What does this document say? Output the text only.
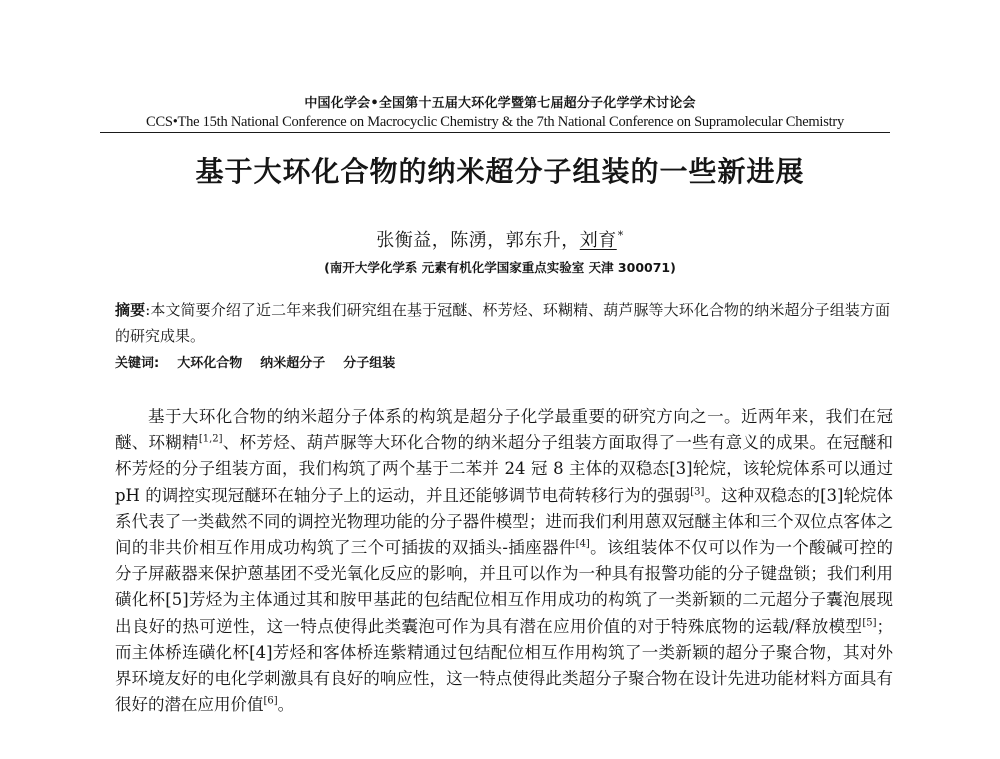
中国化学会•全国第十五届大环化学暨第七届超分子化学学术讨论会
CCS•The 15th National Conference on Macrocyclic Chemistry & the 7th National Conference on Supramolecular Chemistry
基于大环化合物的纳米超分子组装的一些新进展
张衡益，陈湧，郭东升，刘育*
(南开大学化学系 元素有机化学国家重点实验室 天津 300071)
摘要:本文简要介绍了近二年来我们研究组在基于冠醚、杯芳烃、环糊精、葫芦脲等大环化合物的纳米超分子组装方面的研究成果。
关键词: 大环化合物 纳米超分子 分子组装
基于大环化合物的纳米超分子体系的构筑是超分子化学最重要的研究方向之一。近两年来，我们在冠醚、环糊精[1,2]、杯芳烃、葫芦脲等大环化合物的纳米超分子组装方面取得了一些有意义的成果。在冠醚和杯芳烃的分子组装方面，我们构筑了两个基于二苯并 24 冠 8 主体的双稳态[3]轮烷，该轮烷体系可以通过 pH 的调控实现冠醚环在轴分子上的运动，并且还能够调节电荷转移行为的强弱[3]。这种双稳态的[3]轮烷体系代表了一类截然不同的调控光物理功能的分子器件模型；进而我们利用蒽双冠醚主体和三个双位点客体之间的非共价相互作用成功构筑了三个可插拔的双插头-插座器件[4]。该组装体不仅可以作为一个酸碱可控的分子屏蔽器来保护蒽基团不受光氧化反应的影响，并且可以作为一种具有报警功能的分子键盘锁；我们利用磺化杯[5]芳烃为主体通过其和胺甲基茈的包结配位相互作用成功的构筑了一类新颖的二元超分子囊泡展现出良好的热可逆性，这一特点使得此类囊泡可作为具有潜在应用价值的对于特殊底物的运载/释放模型[5]；而主体桥连磺化杯[4]芳烃和客体桥连紫精通过包结配位相互作用构筑了一类新颖的超分子聚合物，其对外界环境友好的电化学刺激具有良好的响应性，这一特点使得此类超分子聚合物在设计先进功能材料方面具有很好的潜在应用价值[6]。
